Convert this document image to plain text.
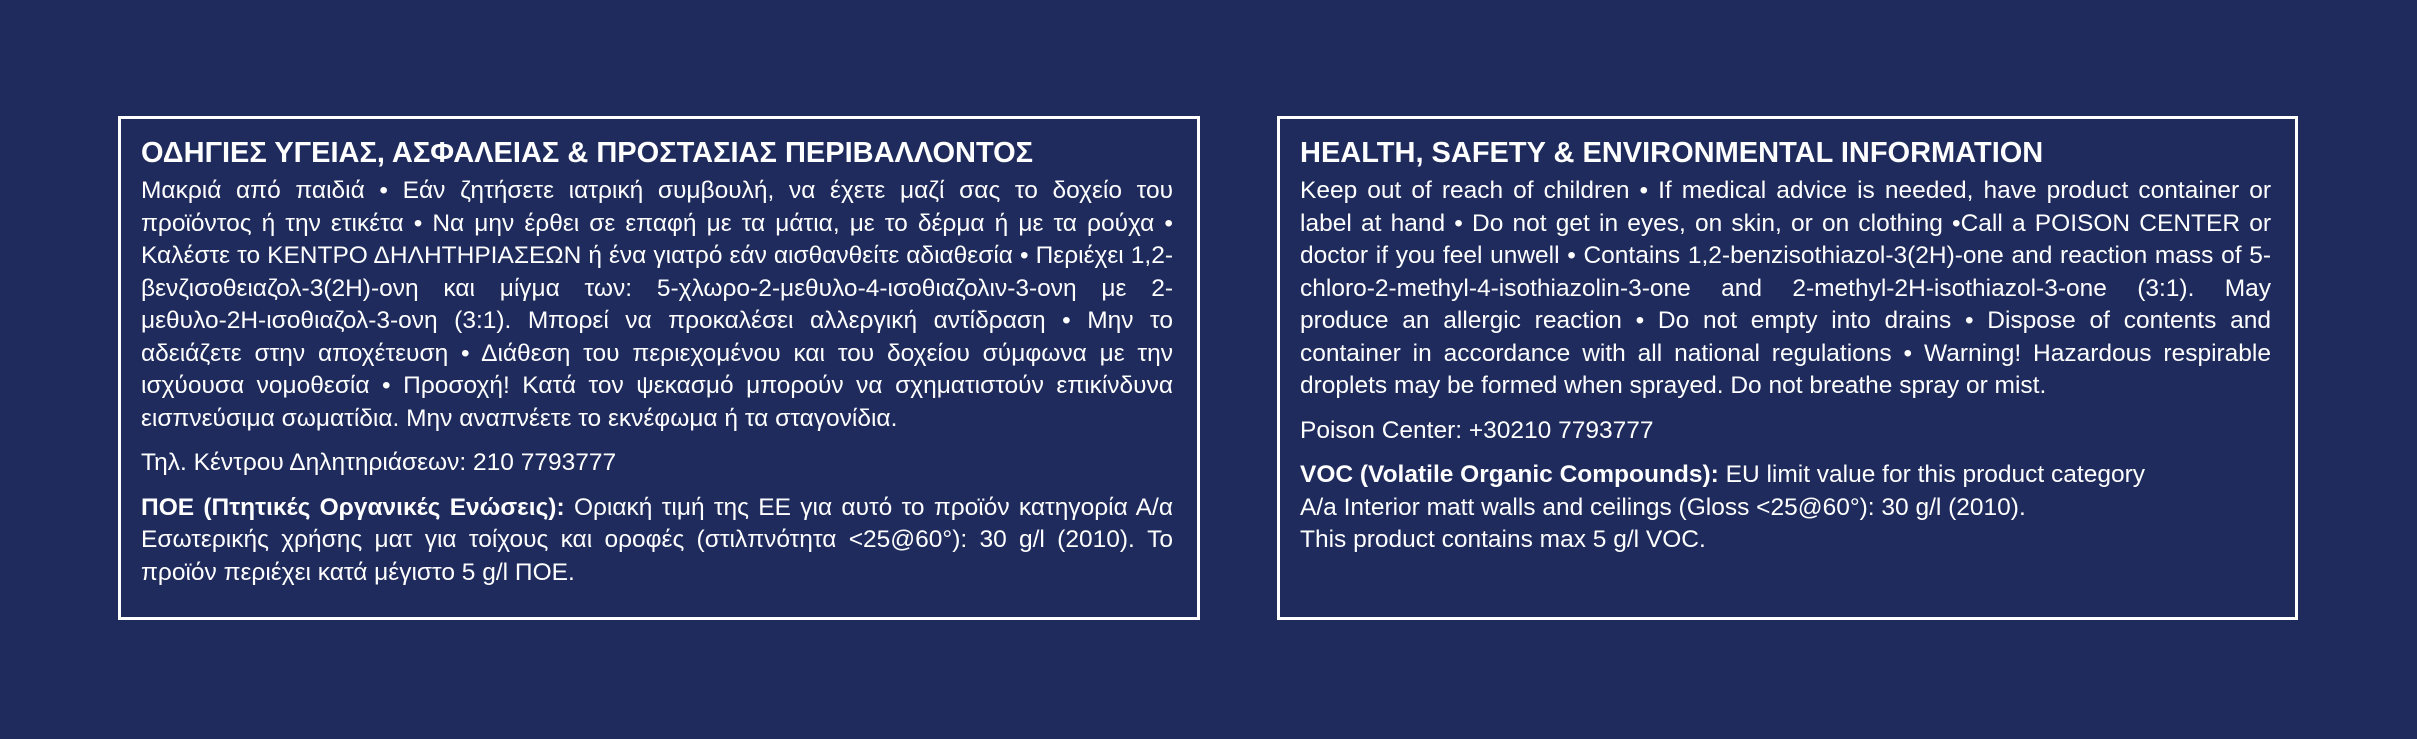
ΟΔΗΓΙΕΣ ΥΓΕΙΑΣ, ΑΣΦΑΛΕΙΑΣ & ΠΡΟΣΤΑΣΙΑΣ ΠΕΡΙΒΑΛΛΟΝΤΟΣ
Μακριά από παιδιά • Εάν ζητήσετε ιατρική συμβουλή, να έχετε μαζί σας το δοχείο του προϊόντος ή την ετικέτα • Να μην έρθει σε επαφή με τα μάτια, με το δέρμα ή με τα ρούχα • Καλέστε το ΚΕΝΤΡΟ ΔΗΛΗΤΗΡΙΑΣΕΩΝ ή ένα γιατρό εάν αισθανθείτε αδιαθεσία • Περιέχει 1,2-βενζισοθειαζολ-3(2H)-ονη και μίγμα των: 5-χλωρο-2-μεθυλο-4-ισοθιαζολιν-3-ονη με 2-μεθυλο-2H-ισοθιαζολ-3-ονη (3:1). Μπορεί να προκαλέσει αλλεργική αντίδραση • Μην το αδειάζετε στην αποχέτευση • Διάθεση του περιεχομένου και του δοχείου σύμφωνα με την ισχύουσα νομοθεσία • Προσοχή! Κατά τον ψεκασμό μπορούν να σχηματιστούν επικίνδυνα εισπνεύσιμα σωματίδια. Μην αναπνέετε το εκνέφωμα ή τα σταγονίδια.
Τηλ. Κέντρου Δηλητηριάσεων: 210 7793777
ΠΟΕ (Πτητικές Οργανικές Ενώσεις): Οριακή τιμή της ΕΕ για αυτό το προϊόν κατηγορία Α/α Εσωτερικής χρήσης ματ για τοίχους και οροφές (στιλπνότητα <25@60°): 30 g/l (2010). Το προϊόν περιέχει κατά μέγιστο 5 g/l ΠΟΕ.
HEALTH, SAFETY & ENVIRONMENTAL INFORMATION
Keep out of reach of children • If medical advice is needed, have product container or label at hand • Do not get in eyes, on skin, or on clothing •Call a POISON CENTER or doctor if you feel unwell • Contains 1,2-benzisothiazol-3(2H)-one and reaction mass of 5-chloro-2-methyl-4-isothiazolin-3-one and 2-methyl-2H-isothiazol-3-one (3:1). May produce an allergic reaction • Do not empty into drains • Dispose of contents and container in accordance with all national regulations • Warning! Hazardous respirable droplets may be formed when sprayed. Do not breathe spray or mist.
Poison Center: +30210 7793777
VOC (Volatile Organic Compounds): EU limit value for this product category
A/a Interior matt walls and ceilings (Gloss <25@60°): 30 g/l (2010).
This product contains max 5 g/l VOC.
